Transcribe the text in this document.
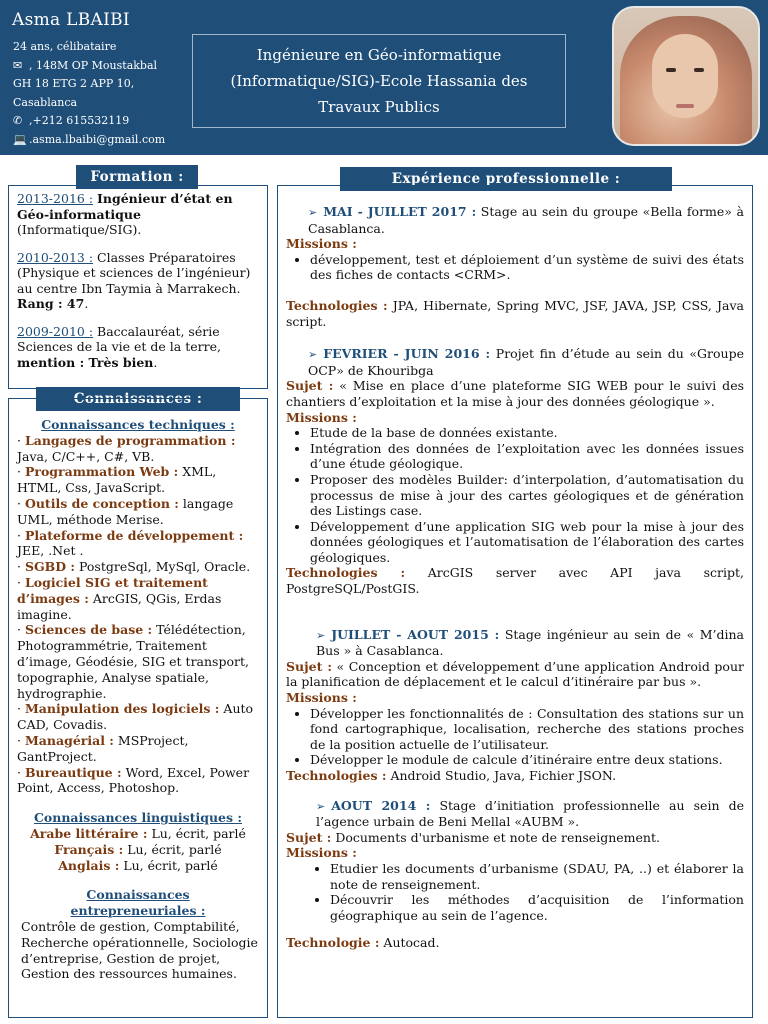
Asma LBAIBI
24 ans, célibataire
✉ , 148M OP Moustakbal
GH 18 ETG 2 APP 10,
Casablanca
✆ ,+212 615532119
💻 .asma.lbaibi@gmail.com
Ingénieure en Géo-informatique
(Informatique/SIG)-Ecole Hassania des
Travaux Publics
Formation :

2013-2016 : Ingénieur d’état en Géo-informatique (Informatique/SIG).

2010-2013 : Classes Préparatoires (Physique et sciences de l’ingénieur) au centre Ibn Taymia à Marrakech. Rang : 47.

2009-2010 : Baccalauréat, série Sciences de la vie et de la terre, mention : Très bien.

Connaissances :
Connaissances techniques :
· Langages de programmation : Java, C/C++, C#, VB.
· Programmation Web : XML, HTML, Css, JavaScript.
· Outils de conception : langage UML, méthode Merise.
· Plateforme de développement : JEE, .Net .
· SGBD : PostgreSql, MySql, Oracle.
· Logiciel SIG et traitement d’images : ArcGIS, QGis, Erdas imagine.
· Sciences de base : Télédétection, Photogrammétrie, Traitement d’image, Géodésie, SIG et transport, topographie, Analyse spatiale, hydrographie.
· Manipulation des logiciels : Auto CAD, Covadis.
· Managérial : MSProject, GantProject.
· Bureautique : Word, Excel, Power Point, Access, Photoshop.
Connaissances linguistiques :
Arabe littéraire : Lu, écrit, parlé
Français : Lu, écrit, parlé
Anglais : Lu, écrit, parlé
Connaissances entrepreneuriales :
Contrôle de gestion, Comptabilité, Recherche opérationnelle, Sociologie d’entreprise, Gestion de projet, Gestion des ressources humaines.
Expérience professionnelle :
➢ MAI - JUILLET 2017 : Stage au sein du groupe «Bella forme» à Casablanca.
Missions :
• développement, test et déploiement d’un système de suivi des états des fiches de contacts <CRM>.
Technologies : JPA, Hibernate, Spring MVC, JSF, JAVA, JSP, CSS, Java script.
➢ FEVRIER - JUIN 2016 : Projet fin d’étude au sein du «Groupe OCP» de Khouribga
Sujet : « Mise en place d’une plateforme SIG WEB pour le suivi des chantiers d’exploitation et la mise à jour des données géologique ».
Missions :
• Etude de la base de données existante.
• Intégration des données de l’exploitation avec les données issues d’une étude géologique.
• Proposer des modèles Builder: d’interpolation, d’automatisation du processus de mise à jour des cartes géologiques et de génération des Listings case.
• Développement d’une application SIG web pour la mise à jour des données géologiques et l’automatisation de l’élaboration des cartes géologiques.
Technologies : ArcGIS server avec API java script, PostgreSQL/PostGIS.
➢ JUILLET - AOUT 2015 : Stage ingénieur au sein de « M’dina Bus » à Casablanca.
Sujet : « Conception et développement d’une application Android pour la planification de déplacement et le calcul d’itinéraire par bus ».
Missions :
• Développer les fonctionnalités de : Consultation des stations sur un fond cartographique, localisation, recherche des stations proches de la position actuelle de l’utilisateur.
• Développer le module de calcule d’itinéraire entre deux stations.
Technologies : Android Studio, Java, Fichier JSON.
➢ AOUT 2014 : Stage d’initiation professionnelle au sein de l’agence urbain de Beni Mellal «AUBM ».
Sujet : Documents d'urbanisme et note de renseignement.
Missions :
• Etudier les documents d’urbanisme (SDAU, PA, ..) et élaborer la note de renseignement.
• Découvrir les méthodes d’acquisition de l’information géographique au sein de l’agence.
Technologie : Autocad.
